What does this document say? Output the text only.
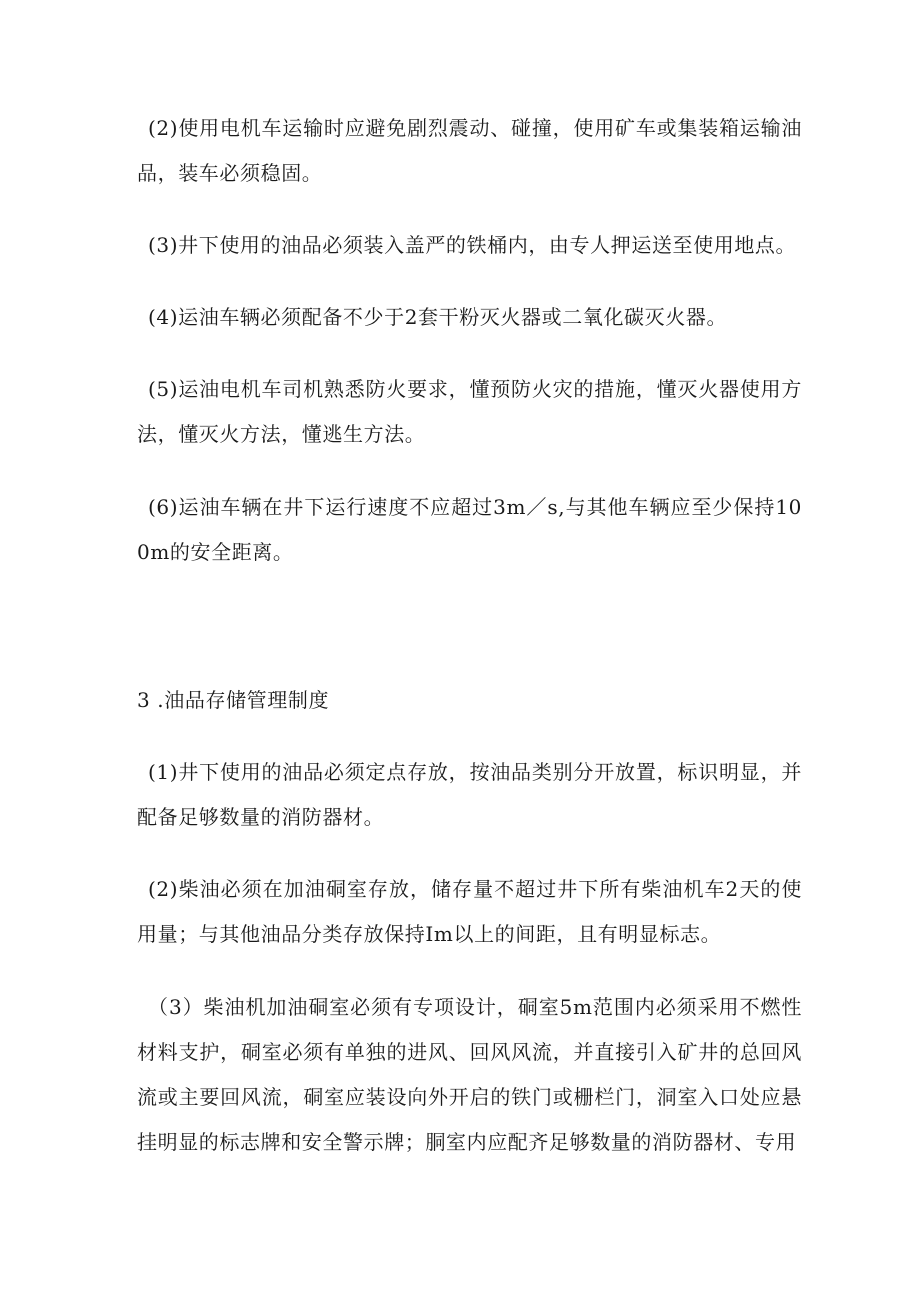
(2)使用电机车运输时应避免剧烈震动、碰撞，使用矿车或集装箱运输油品，装车必须稳固。

(3)井下使用的油品必须装入盖严的铁桶内，由专人押运送至使用地点。

(4)运油车辆必须配备不少于2套干粉灭火器或二氧化碳灭火器。

(5)运油电机车司机熟悉防火要求，懂预防火灾的措施，懂灭火器使用方法，懂灭火方法，懂逃生方法。

(6)运油车辆在井下运行速度不应超过3m／s,与其他车辆应至少保持100m的安全距离。

3 .油品存储管理制度

(1)井下使用的油品必须定点存放，按油品类别分开放置，标识明显，并配备足够数量的消防器材。

(2)柴油必须在加油硐室存放，储存量不超过井下所有柴油机车2天的使用量；与其他油品分类存放保持Im以上的间距，且有明显标志。

（3）柴油机加油硐室必须有专项设计，硐室5m范围内必须采用不燃性材料支护，硐室必须有单独的进风、回风风流，并直接引入矿井的总回风流或主要回风流，硐室应装设向外开启的铁门或栅栏门，洞室入口处应悬挂明显的标志牌和安全警示牌；胴室内应配齐足够数量的消防器材、专用
